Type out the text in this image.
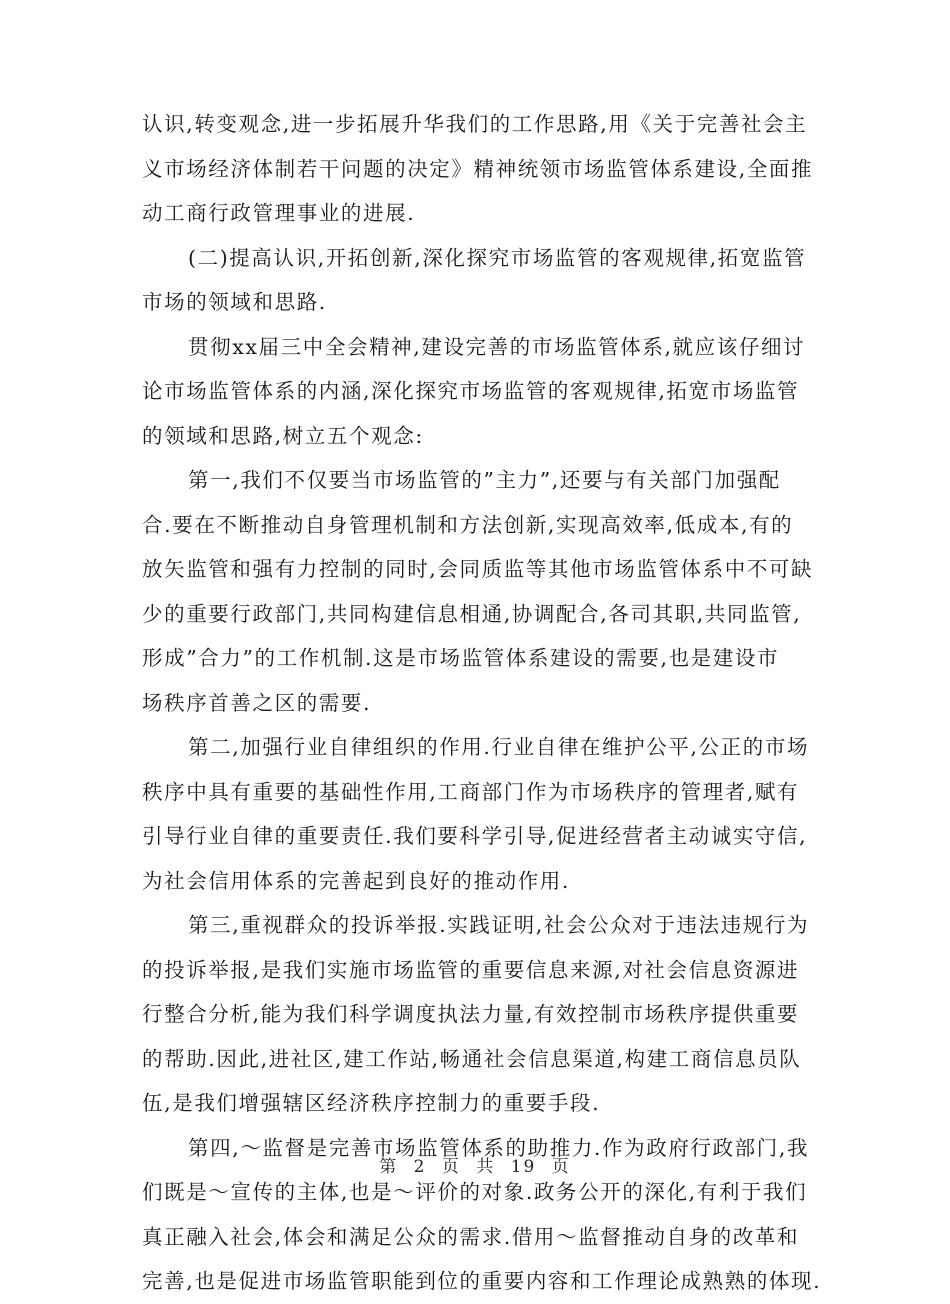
认识,转变观念,进一步拓展升华我们的工作思路,用《关于完善社会主
义市场经济体制若干问题的决定》精神统领市场监管体系建设,全面推
动工商行政管理事业的进展.
(二)提高认识,开拓创新,深化探究市场监管的客观规律,拓宽监管
市场的领域和思路.
贯彻xx届三中全会精神,建设完善的市场监管体系,就应该仔细讨
论市场监管体系的内涵,深化探究市场监管的客观规律,拓宽市场监管
的领域和思路,树立五个观念:
第一,我们不仅要当市场监管的”主力”,还要与有关部门加强配
合.要在不断推动自身管理机制和方法创新,实现高效率,低成本,有的
放矢监管和强有力控制的同时,会同质监等其他市场监管体系中不可缺
少的重要行政部门,共同构建信息相通,协调配合,各司其职,共同监管,
形成”合力”的工作机制.这是市场监管体系建设的需要,也是建设市
场秩序首善之区的需要.
第二,加强行业自律组织的作用.行业自律在维护公平,公正的市场
秩序中具有重要的基础性作用,工商部门作为市场秩序的管理者,赋有
引导行业自律的重要责任.我们要科学引导,促进经营者主动诚实守信,
为社会信用体系的完善起到良好的推动作用.
第三,重视群众的投诉举报.实践证明,社会公众对于违法违规行为
的投诉举报,是我们实施市场监管的重要信息来源,对社会信息资源进
行整合分析,能为我们科学调度执法力量,有效控制市场秩序提供重要
的帮助.因此,进社区,建工作站,畅通社会信息渠道,构建工商信息员队
伍,是我们增强辖区经济秩序控制力的重要手段.
第四,～监督是完善市场监管体系的助推力.作为政府行政部门,我
们既是～宣传的主体,也是～评价的对象.政务公开的深化,有利于我们
真正融入社会,体会和满足公众的需求.借用～监督推动自身的改革和
完善,也是促进市场监管职能到位的重要内容和工作理论成熟熟的体现.
第 2 页 共 19 页
